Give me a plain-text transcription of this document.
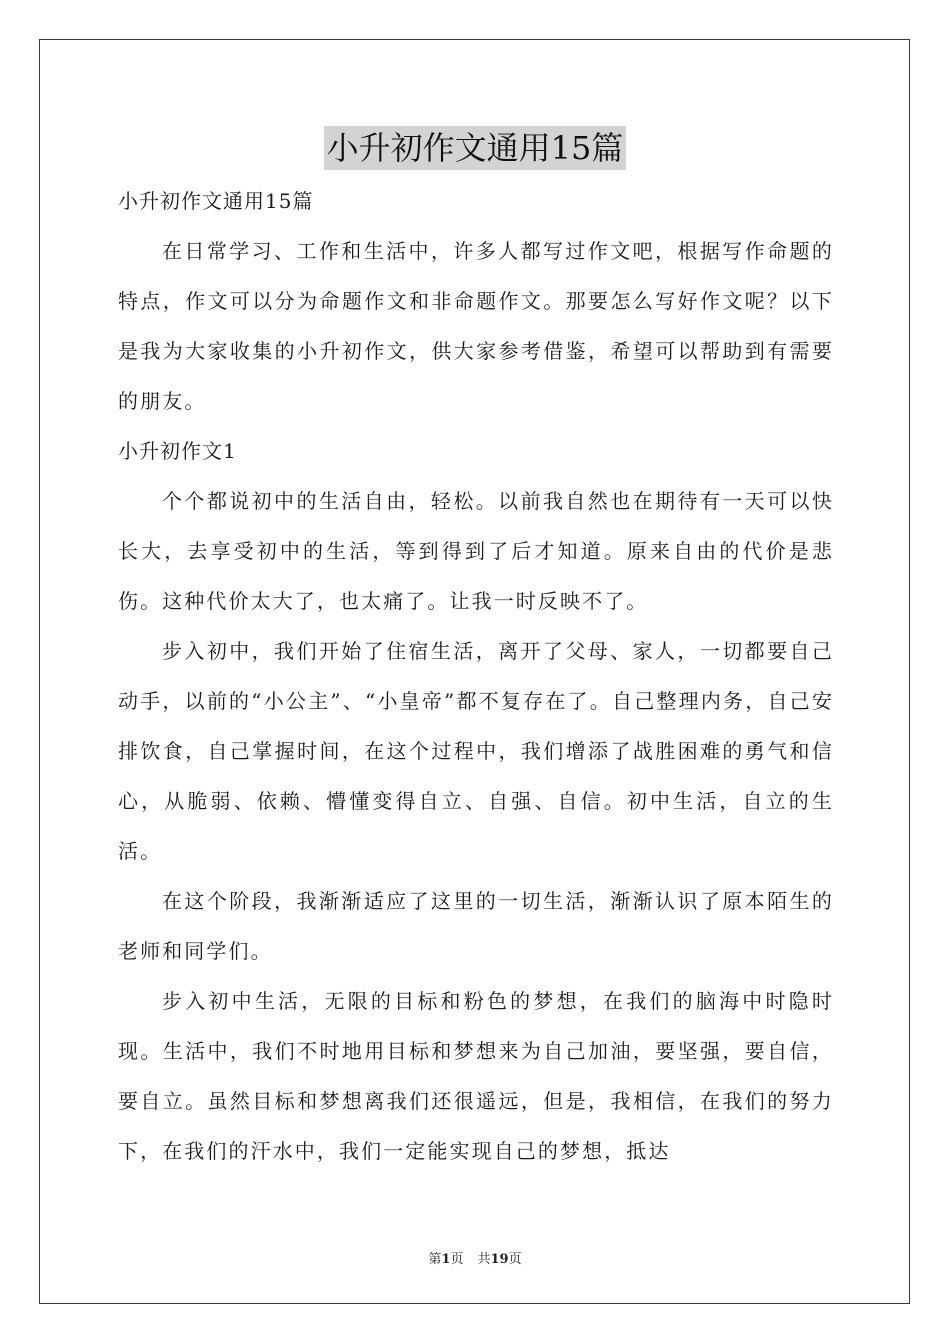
小升初作文通用15篇

小升初作文通用15篇

在日常学习、工作和生活中，许多人都写过作文吧，根据写作命题的特点，作文可以分为命题作文和非命题作文。那要怎么写好作文呢？以下是我为大家收集的小升初作文，供大家参考借鉴，希望可以帮助到有需要的朋友。

小升初作文1

个个都说初中的生活自由，轻松。以前我自然也在期待有一天可以快长大，去享受初中的生活，等到得到了后才知道。原来自由的代价是悲伤。这种代价太大了，也太痛了。让我一时反映不了。

步入初中，我们开始了住宿生活，离开了父母、家人，一切都要自己动手，以前的“小公主”、“小皇帝”都不复存在了。自己整理内务，自己安排饮食，自己掌握时间，在这个过程中，我们增添了战胜困难的勇气和信心，从脆弱、依赖、懵懂变得自立、自强、自信。初中生活，自立的生活。

在这个阶段，我渐渐适应了这里的一切生活，渐渐认识了原本陌生的老师和同学们。

步入初中生活，无限的目标和粉色的梦想，在我们的脑海中时隐时现。生活中，我们不时地用目标和梦想来为自己加油，要坚强，要自信，要自立。虽然目标和梦想离我们还很遥远，但是，我相信，在我们的努力下，在我们的汗水中，我们一定能实现自己的梦想，抵达

第1页 共19页
